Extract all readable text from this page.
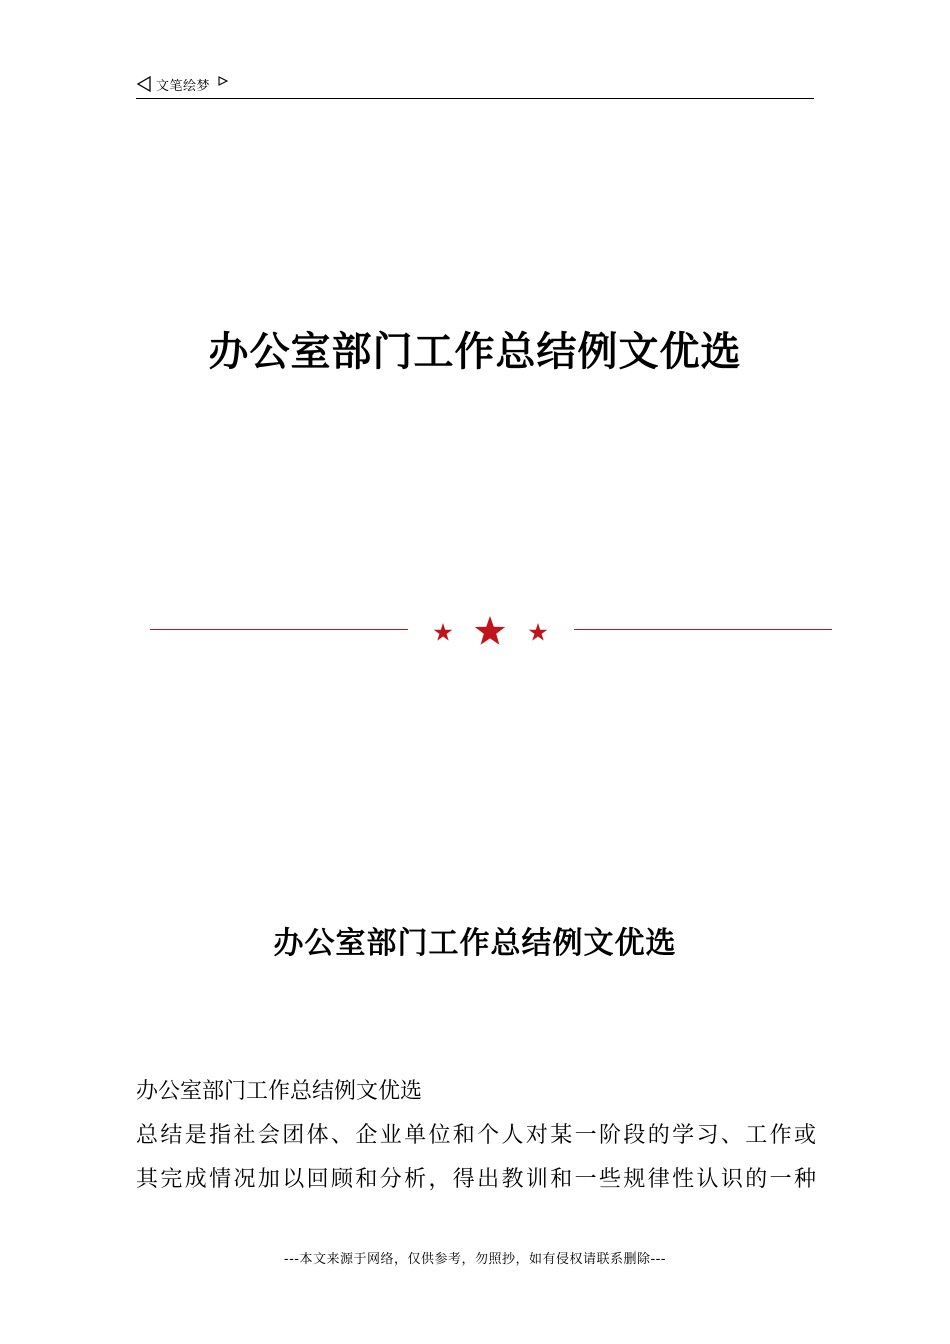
文笔绘梦
办公室部门工作总结例文优选
办公室部门工作总结例文优选

办公室部门工作总结例文优选

总结是指社会团体、企业单位和个人对某一阶段的学习、工作或

其完成情况加以回顾和分析，得出教训和一些规律性认识的一种

---本文来源于网络，仅供参考，勿照抄，如有侵权请联系删除---
